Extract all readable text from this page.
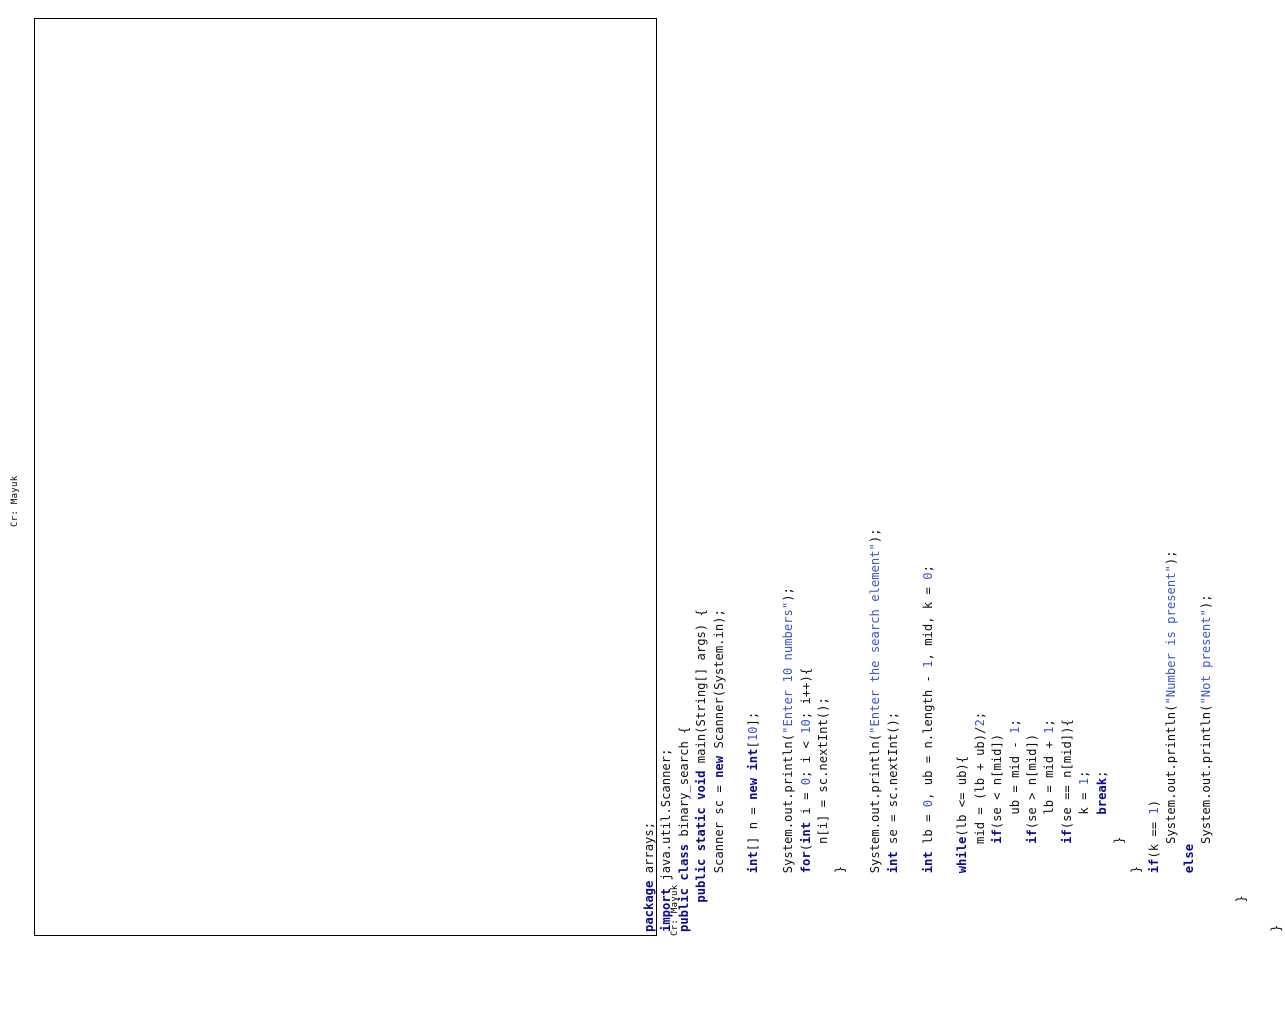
package arrays;
import java.util.Scanner;
public class binary_search {
public static void main(String[] args) {
Scanner sc = new Scanner(System.in);

int[] n = new int[10];

System.out.println("Enter 10 numbers");
for(int i = 0; i < 10; i++){
n[i] = sc.nextInt();
}

System.out.println("Enter the search element");
int se = sc.nextInt();

int lb = 0, ub = n.length - 1, mid, k = 0;

while(lb <= ub){
mid = (lb + ub)/2;
if(se < n[mid])
ub = mid - 1;
if(se > n[mid])
lb = mid + 1;
if(se == n[mid]){
k = 1;
break;
}
} if(k == 1)
System.out.println("Number is present");
else
System.out.println("Not present");

} }

Cr: Mayuk
Cr: Mayuk
